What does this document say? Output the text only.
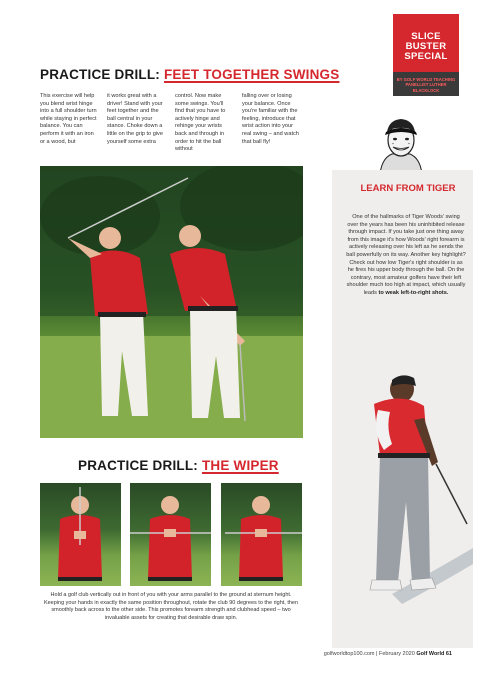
SLICE BUSTER SPECIAL
BY GOLF WORLD TEACHING PANELLIST LUTHER BLACKLOCK
PRACTICE DRILL: FEET TOGETHER SWINGS
This exercise will help you blend wrist hinge into a full shoulder turn while staying in perfect balance. You can perform it with an iron or a wood, but
it works great with a driver! Stand with your feet together and the ball central in your stance. Choke down a little on the grip to give yourself some extra
control. Now make some swings. You'll find that you have to actively hinge and rehinge your wrists back and through in order to hit the ball without
falling over or losing your balance. Once you're familiar with the feeling, introduce that wrist action into your real swing – and watch that ball fly!
LEARN FROM TIGER
One of the hallmarks of Tiger Woods' swing over the years has been his uninhibited release through impact. If you take just one thing away from this image it's how Woods' right forearm is actively releasing over his left as he sends the ball powerfully on its way. Another key highlight? Check out how low Tiger's right shoulder is as he fires his upper body through the ball. On the contrary, most amateur golfers have their left shoulder much too high at impact, which usually leads to weak left-to-right shots.
PRACTICE DRILL: THE WIPER
Hold a golf club vertically out in front of you with your arms parallel to the ground at sternum height. Keeping your hands in exactly the same position throughout, rotate the club 90 degrees to the right, then smoothly back across to the other side. This promotes forearm strength and clubhead speed – two invaluable assets for creating that desirable draw spin.
golfworldtop100.com | February 2020 Golf World 61
